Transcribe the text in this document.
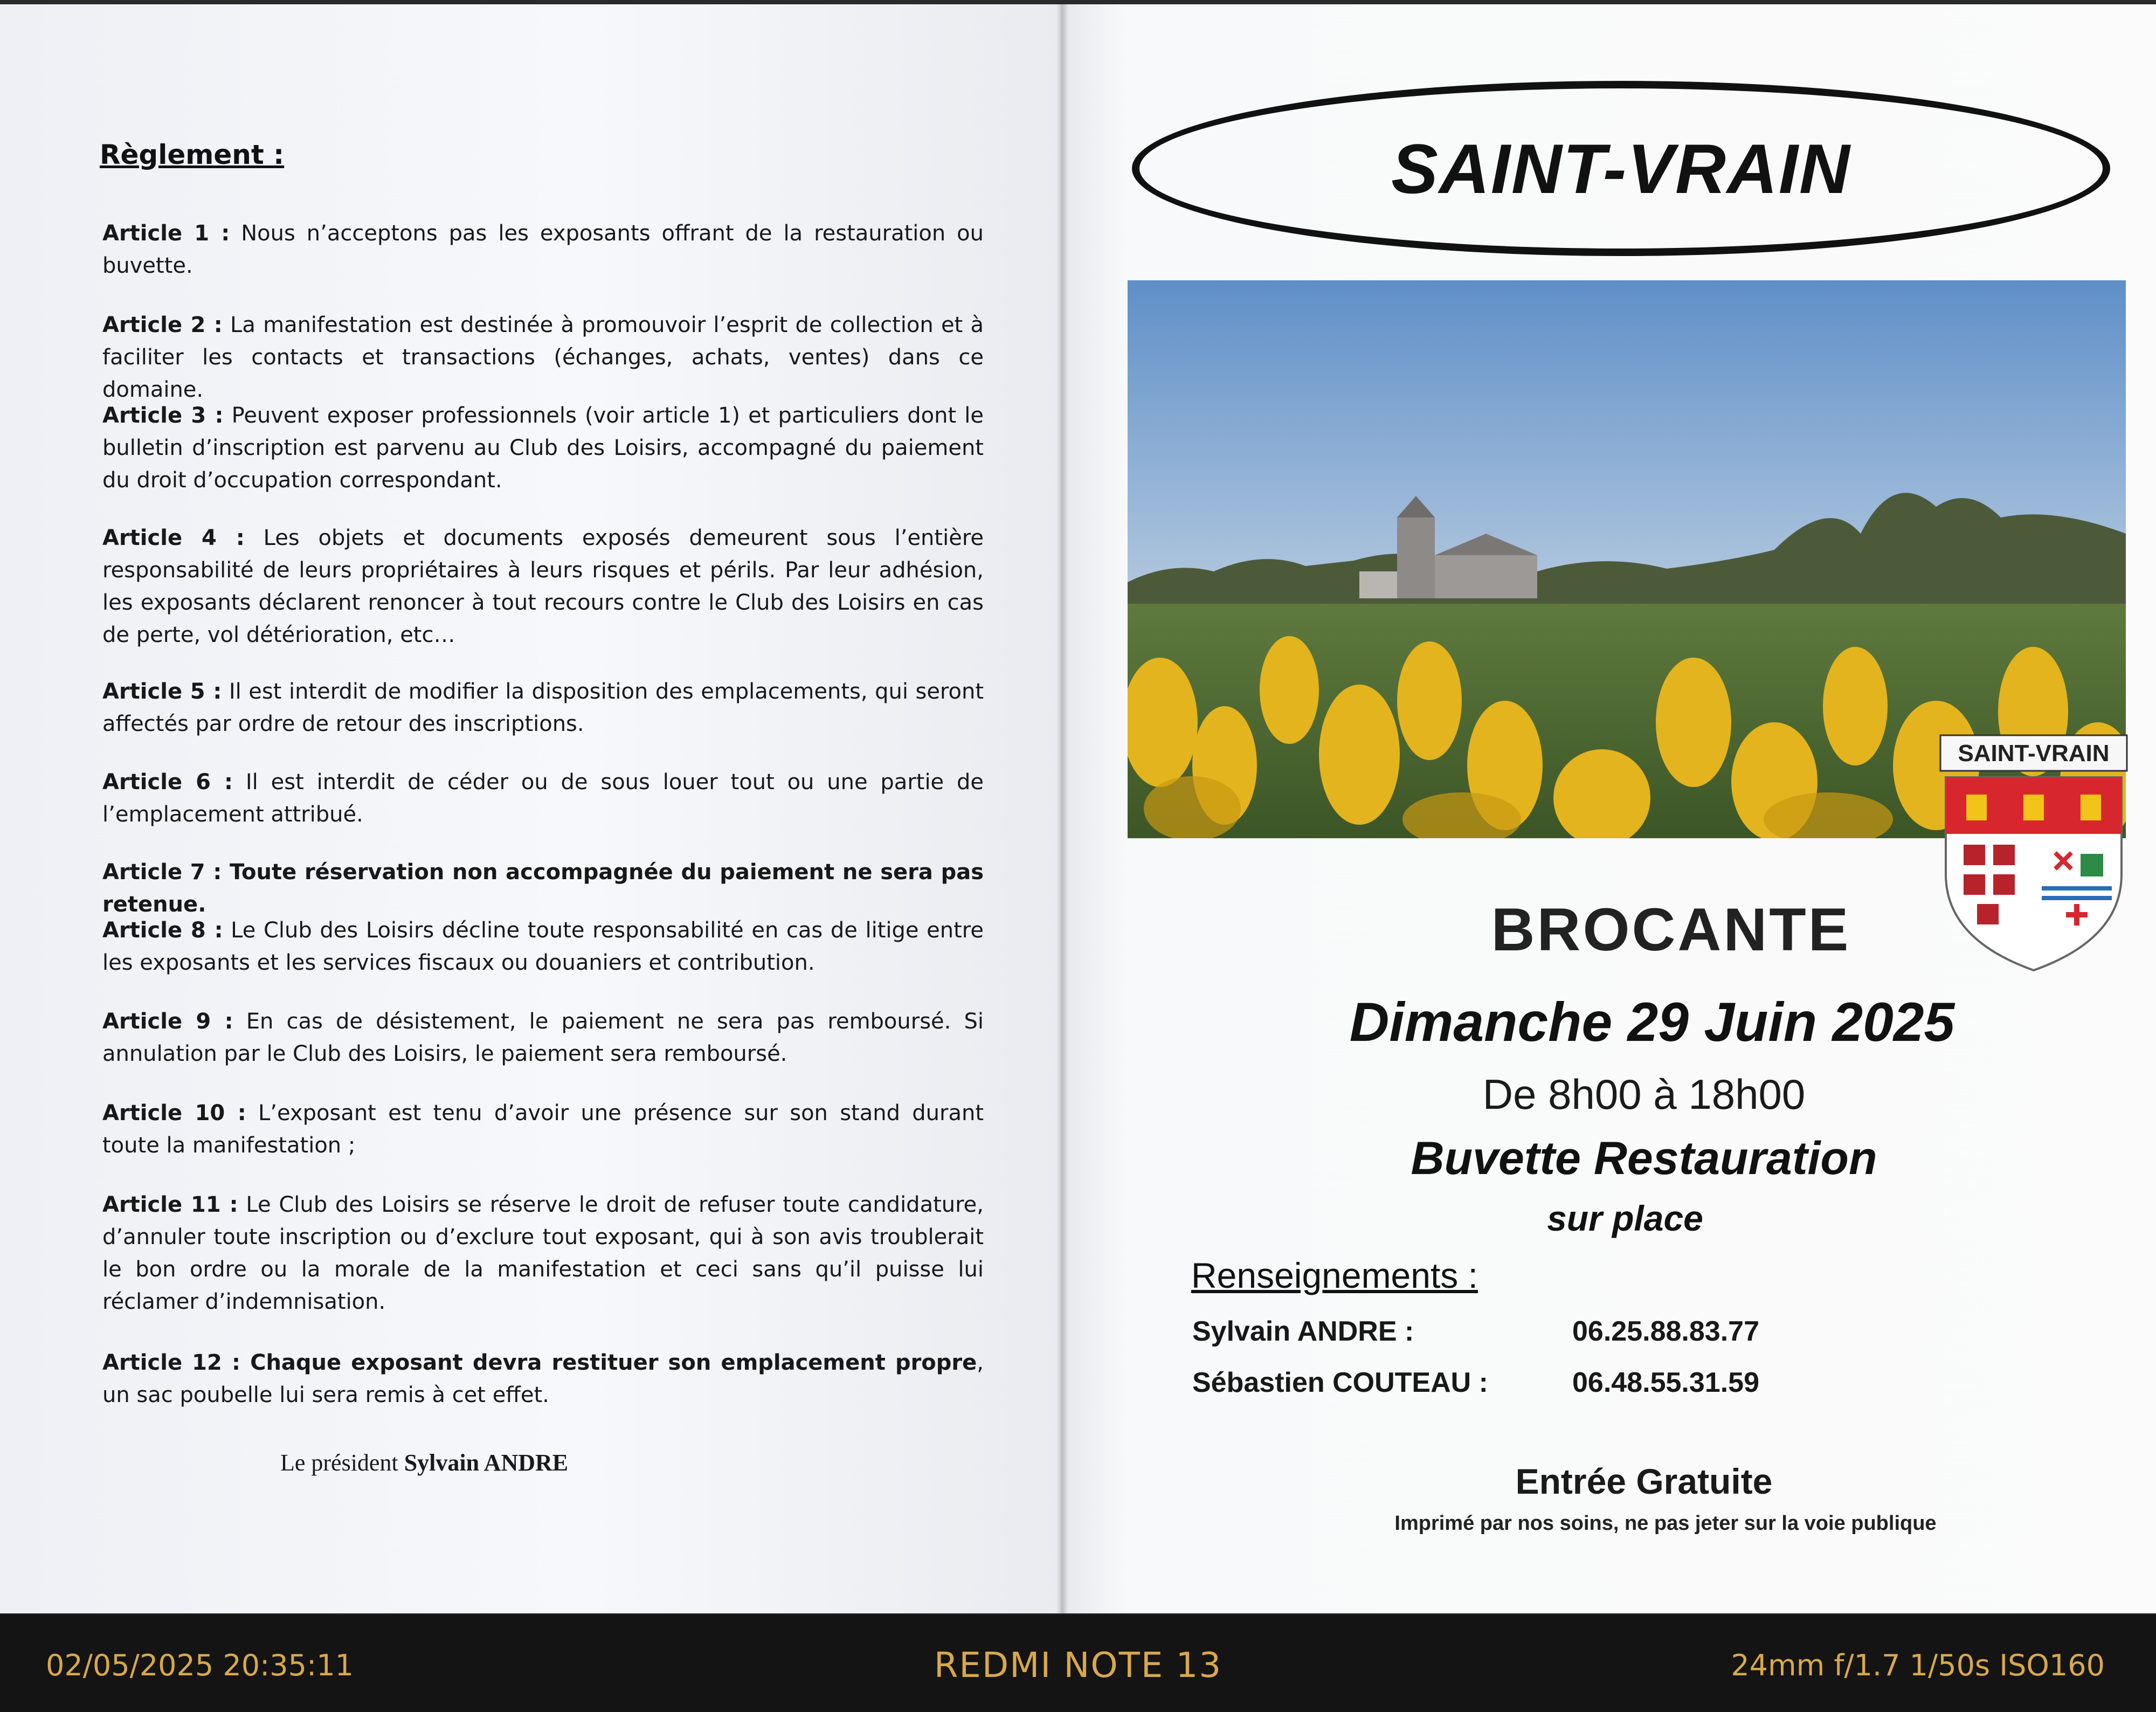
Règlement :
Article 1 : Nous n’acceptons pas les exposants offrant de la restauration ou buvette.
Article 2 : La manifestation est destinée à promouvoir l’esprit de collection et à faciliter les contacts et transactions (échanges, achats, ventes) dans ce domaine.
Article 3 : Peuvent exposer professionnels (voir article 1) et particuliers dont le bulletin d’inscription est parvenu au Club des Loisirs, accompagné du paiement du droit d’occupation correspondant.
Article 4 : Les objets et documents exposés demeurent sous l’entière responsabilité de leurs propriétaires à leurs risques et périls. Par leur adhésion, les exposants déclarent renoncer à tout recours contre le Club des Loisirs en cas de perte, vol détérioration, etc…
Article 5 : Il est interdit de modifier la disposition des emplacements, qui seront affectés par ordre de retour des inscriptions.
Article 6 : Il est interdit de céder ou de sous louer tout ou une partie de l’emplacement attribué.
Article 7 : Toute réservation non accompagnée du paiement ne sera pas retenue.
Article 8 : Le Club des Loisirs décline toute responsabilité en cas de litige entre les exposants et les services fiscaux ou douaniers et contribution.
Article 9 : En cas de désistement, le paiement ne sera pas remboursé. Si annulation par le Club des Loisirs, le paiement sera remboursé.
Article 10 : L’exposant est tenu d’avoir une présence sur son stand durant toute la manifestation ;
Article 11 : Le Club des Loisirs se réserve le droit de refuser toute candidature, d’annuler toute inscription ou d’exclure tout exposant, qui à son avis troublerait le bon ordre ou la morale de la manifestation et ceci sans qu’il puisse lui réclamer d’indemnisation.
Article 12 : Chaque exposant devra restituer son emplacement propre, un sac poubelle lui sera remis à cet effet.
Le président Sylvain ANDRE
SAINT-VRAIN
SAINT-VRAIN
BROCANTE
Dimanche 29 Juin 2025
De 8h00 à 18h00
Buvette Restauration
sur place
Renseignements :
Sylvain ANDRE :	06.25.88.83.77
Sébastien COUTEAU :	06.48.55.31.59
Entrée Gratuite
Imprimé par nos soins, ne pas jeter sur la voie publique
02/05/2025 20:35:11	REDMI NOTE 13	24mm f/1.7 1/50s ISO160
